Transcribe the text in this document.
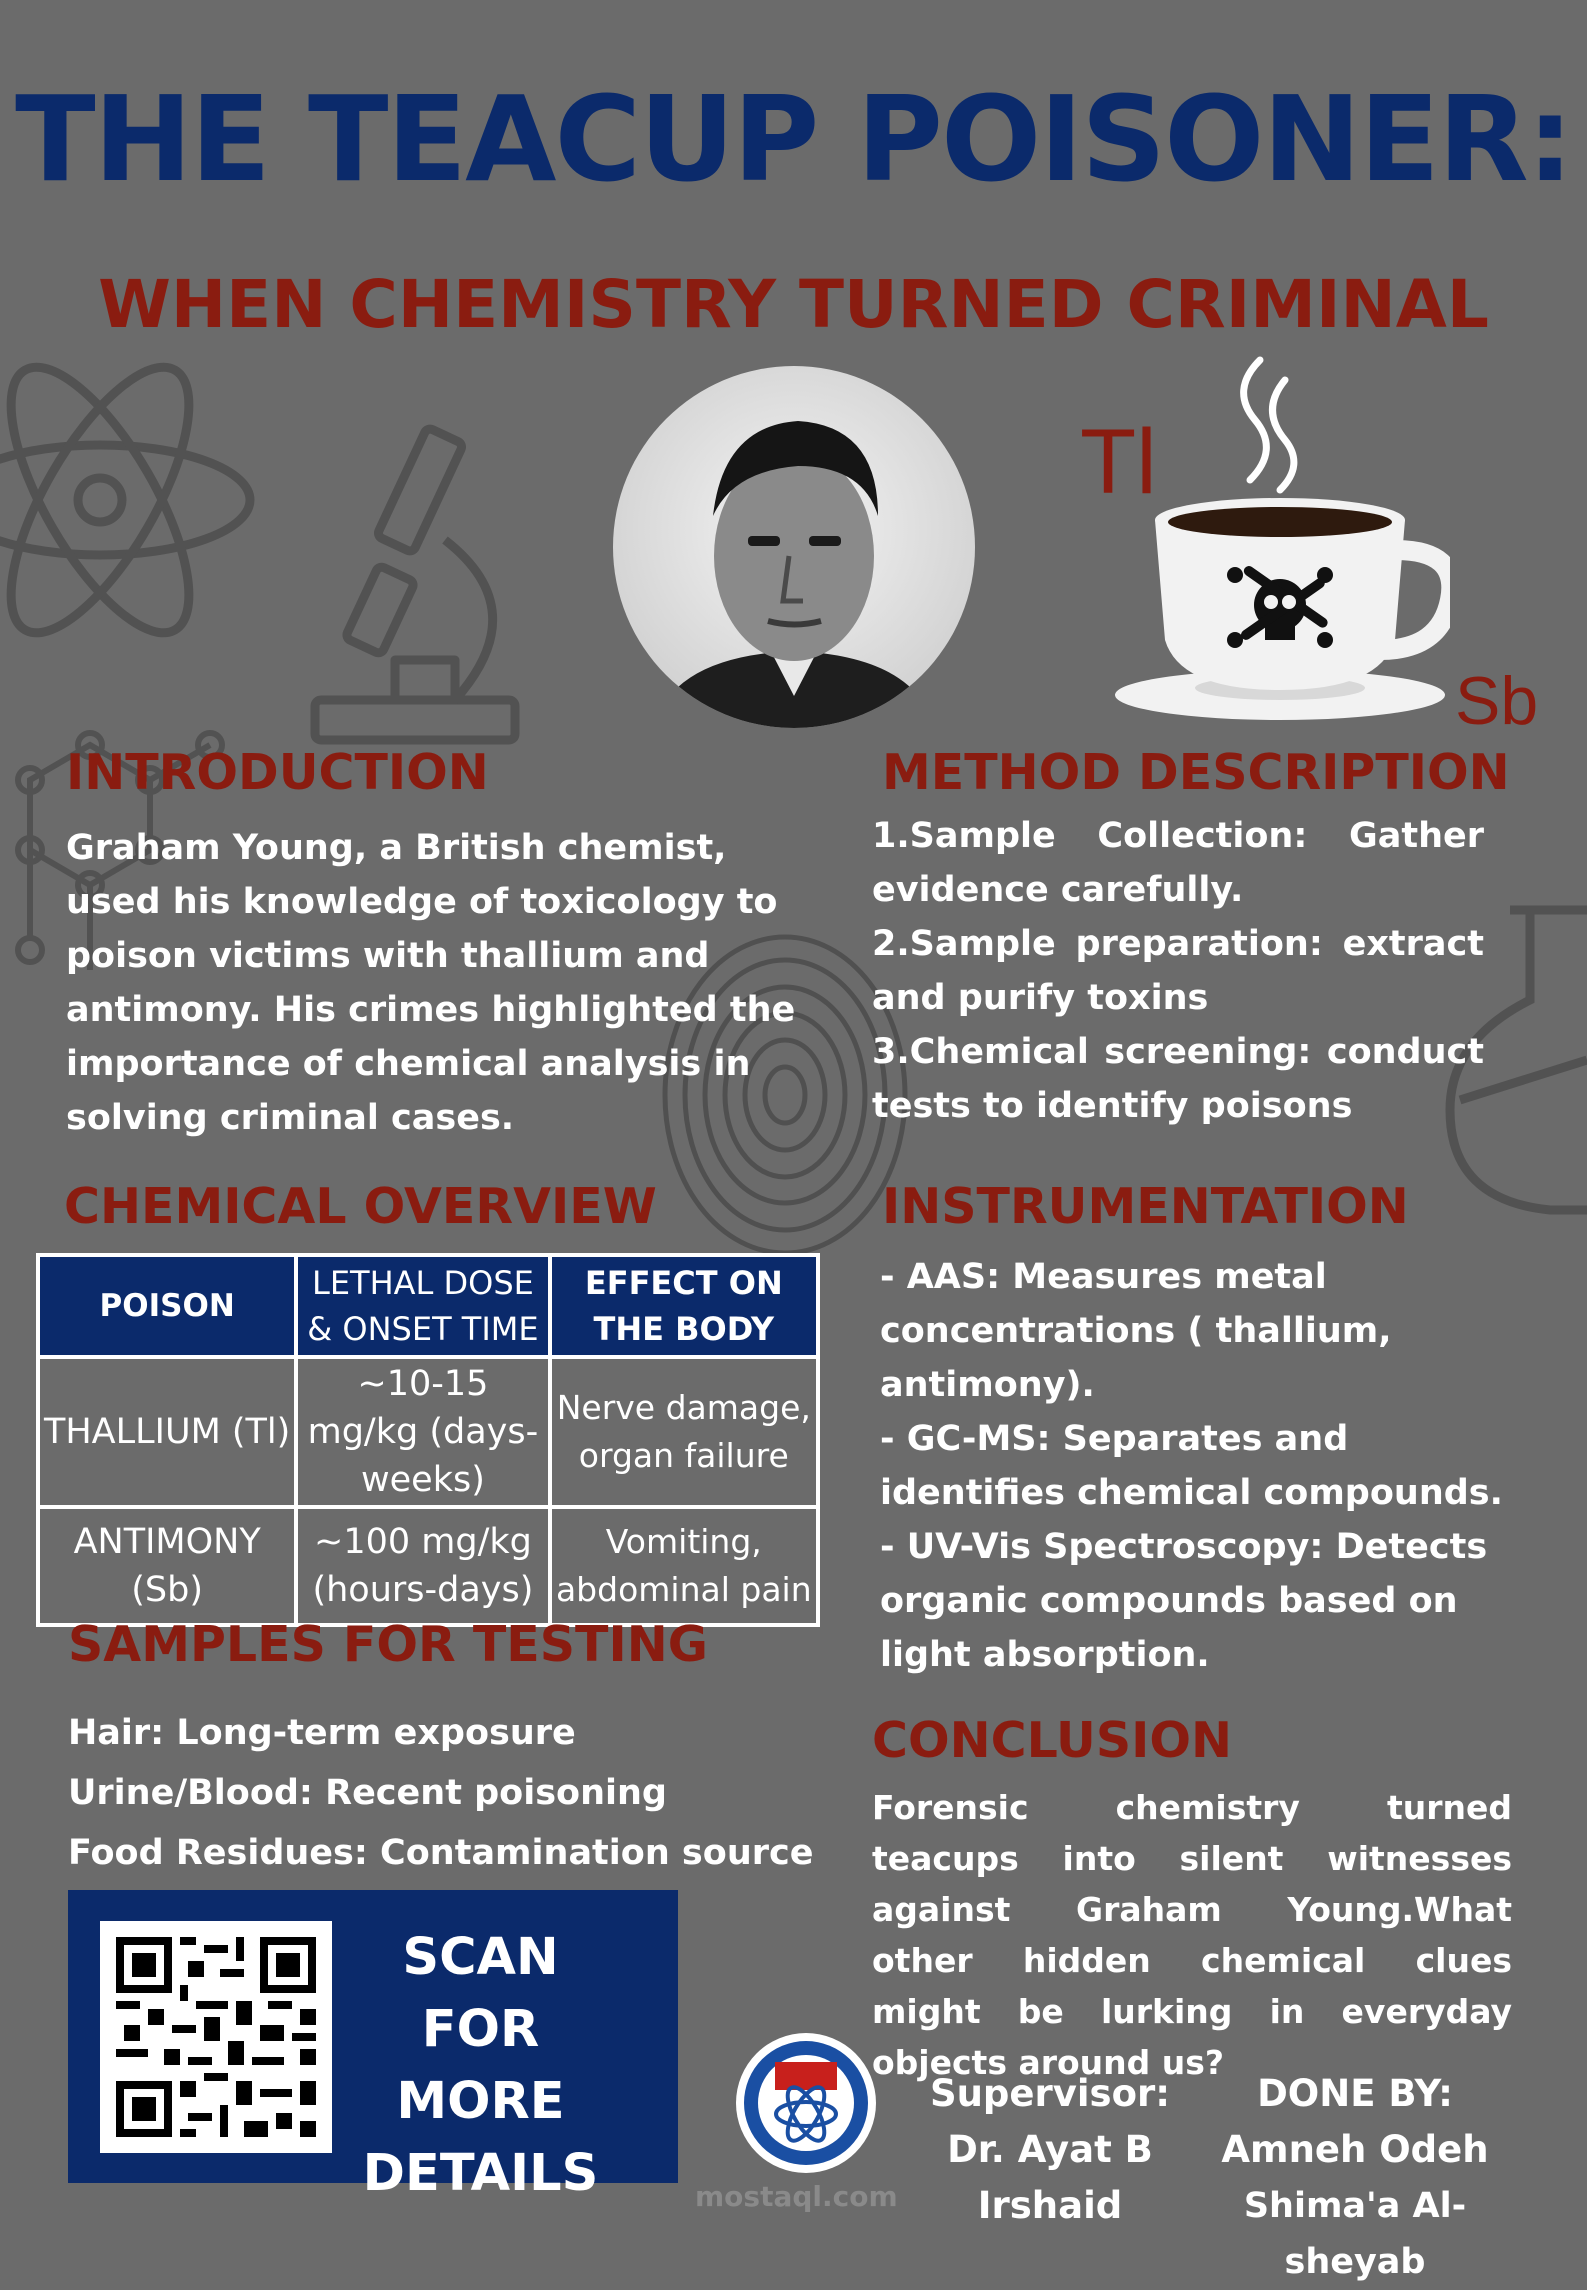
THE TEACUP POISONER:
WHEN CHEMISTRY TURNED CRIMINAL
Tl
Sb
INTRODUCTION
Graham Young, a British chemist, used his knowledge of toxicology to poison victims with thallium and antimony. His crimes highlighted the importance of chemical analysis in solving criminal cases.
METHOD DESCRIPTION
1.Sample Collection: Gather evidence carefully.
2.Sample preparation: extract and purify toxins
3.Chemical screening: conduct tests to identify poisons
CHEMICAL OVERVIEW
POISON	LETHAL DOSE & ONSET TIME	EFFECT ON THE BODY
THALLIUM (Tl)	~10-15 mg/kg (days-weeks)	Nerve damage, organ failure
ANTIMONY (Sb)	~100 mg/kg (hours-days)	Vomiting, abdominal pain
INSTRUMENTATION
- AAS: Measures metal concentrations ( thallium, antimony).
- GC-MS: Separates and identifies chemical compounds.
- UV-Vis Spectroscopy: Detects organic compounds based on light absorption.
SAMPLES FOR TESTING
Hair: Long-term exposure
Urine/Blood: Recent poisoning
Food Residues: Contamination source
SCAN FOR
MORE
DETAILS
CONCLUSION
Forensic chemistry turned teacups into silent witnesses against Graham Young.What other hidden chemical clues might be lurking in everyday objects around us?
mostaql.com
Supervisor:
Dr. Ayat B
Irshaid
DONE BY:
Amneh Odeh
Shima'a Al-sheyab
